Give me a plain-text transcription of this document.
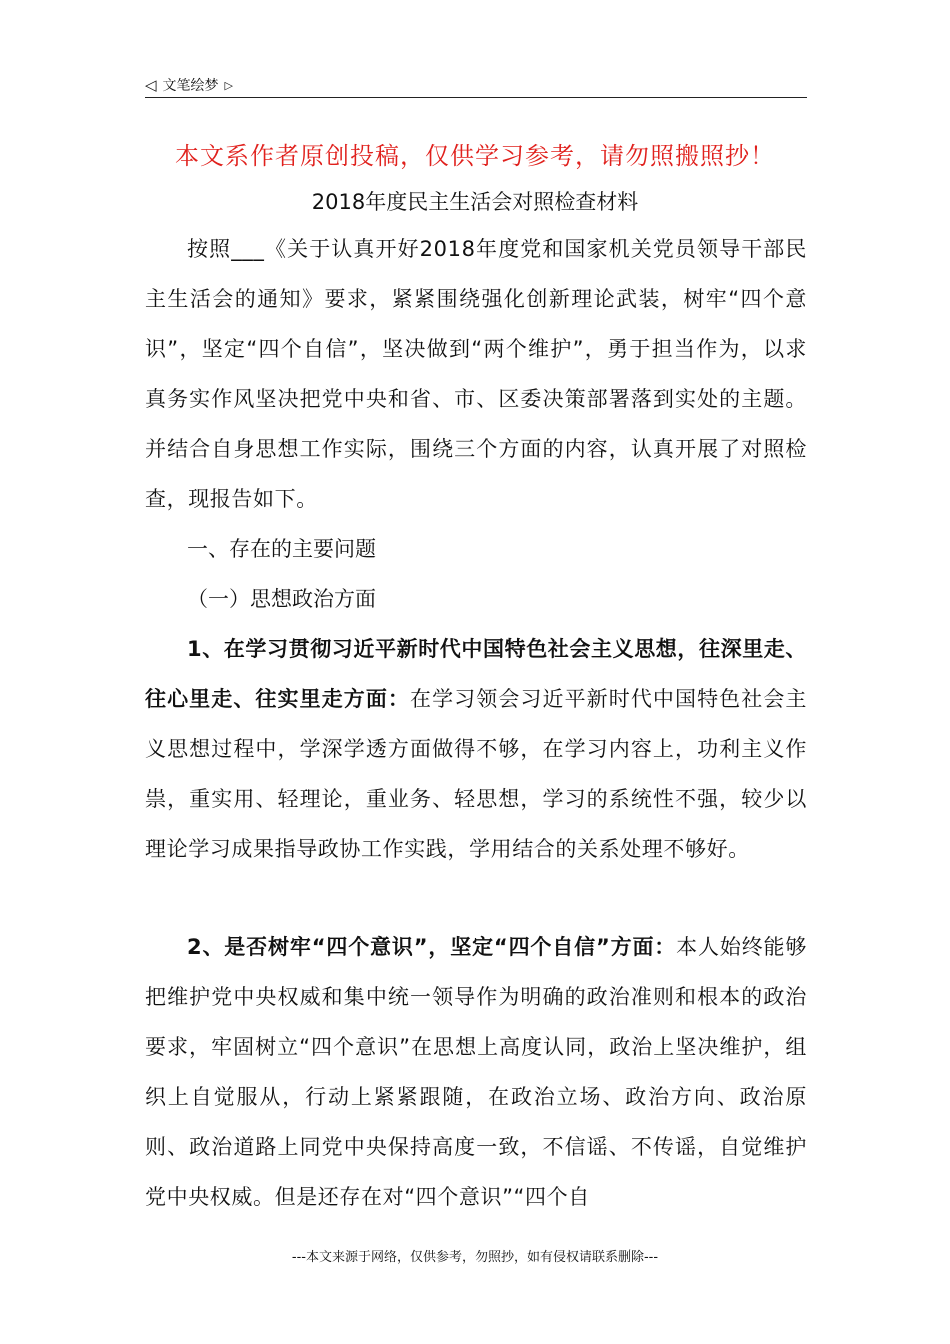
◁ 文笔绘梦 ▷
本文系作者原创投稿，仅供学习参考，请勿照搬照抄！
2018年度民主生活会对照检查材料

按照___《关于认真开好2018年度党和国家机关党员领导干部民主生活会的通知》要求，紧紧围绕强化创新理论武装，树牢“四个意识”，坚定“四个自信”，坚决做到“两个维护”，勇于担当作为，以求真务实作风坚决把党中央和省、市、区委决策部署落到实处的主题。并结合自身思想工作实际，围绕三个方面的内容，认真开展了对照检查，现报告如下。

一、存在的主要问题

（一）思想政治方面

1、在学习贯彻习近平新时代中国特色社会主义思想，往深里走、往心里走、往实里走方面：在学习领会习近平新时代中国特色社会主义思想过程中，学深学透方面做得不够，在学习内容上，功利主义作祟，重实用、轻理论，重业务、轻思想，学习的系统性不强，较少以理论学习成果指导政协工作实践，学用结合的关系处理不够好。

2、是否树牢“四个意识”，坚定“四个自信”方面：本人始终能够把维护党中央权威和集中统一领导作为明确的政治准则和根本的政治要求，牢固树立“四个意识”在思想上高度认同，政治上坚决维护，组织上自觉服从，行动上紧紧跟随，在政治立场、政治方向、政治原则、政治道路上同党中央保持高度一致，不信谣、不传谣，自觉维护党中央权威。但是还存在对“四个意识”“四个自

---本文来源于网络，仅供参考，勿照抄，如有侵权请联系删除---
